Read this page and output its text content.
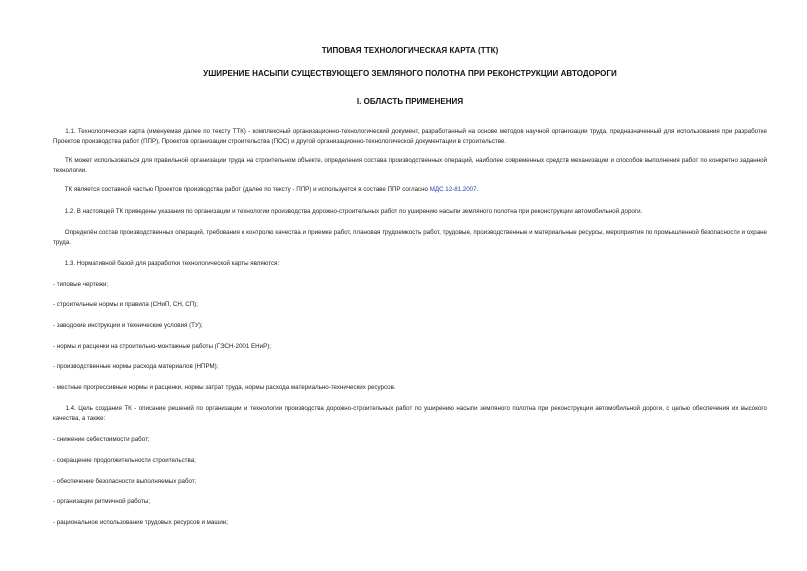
ТИПОВАЯ ТЕХНОЛОГИЧЕСКАЯ КАРТА (ТТК)
УШИРЕНИЕ НАСЫПИ СУЩЕСТВУЮЩЕГО ЗЕМЛЯНОГО ПОЛОТНА ПРИ РЕКОНСТРУКЦИИ АВТОДОРОГИ
I. ОБЛАСТЬ ПРИМЕНЕНИЯ
1.1. Технологическая карта (именуемая далее по тексту ТТК) - комплексный организационно-технологический документ, разработанный на основе методов научной организации труда, предназначенный для использования при разработке Проектов производства работ (ППР), Проектов организации строительства (ПОС) и другой организационно-технологической документации в строительстве.
ТК может использоваться для правильной организации труда на строительном объекте, определения состава производственных операций, наиболее современных средств механизации и способов выполнения работ по конкретно заданной технологии.
ТК является составной частью Проектов производства работ (далее по тексту - ППР) и используется в составе ППР согласно МДС 12-81.2007.
1.2. В настоящей ТК приведены указания по организации и технологии производства дорожно-строительных работ по уширению насыпи земляного полотна при реконструкции автомобильной дороги.
Определён состав производственных операций, требования к контролю качества и приемке работ, плановая трудоемкость работ, трудовые, производственные и материальные ресурсы, мероприятия по промышленной безопасности и охране труда.
1.3. Нормативной базой для разработки технологической карты являются:
- типовые чертежи;
- строительные нормы и правила (СНиП, СН, СП);
- заводские инструкции и технические условия (ТУ);
- нормы и расценки на строительно-монтажные работы (ГЭСН-2001 ЕНиР);
- производственные нормы расхода материалов (НПРМ);
- местные прогрессивные нормы и расценки, нормы затрат труда, нормы расхода материально-технических ресурсов.
1.4. Цель создания ТК - описание решений по организации и технологии производства дорожно-строительных работ по уширению насыпи земляного полотна при реконструкции автомобильной дороги, с целью обеспечения их высокого качества, а также:
- снижение себестоимости работ;
- сокращение продолжительности строительства;
- обеспечение безопасности выполняемых работ;
- организации ритмичной работы;
- рациональное использование трудовых ресурсов и машин;
